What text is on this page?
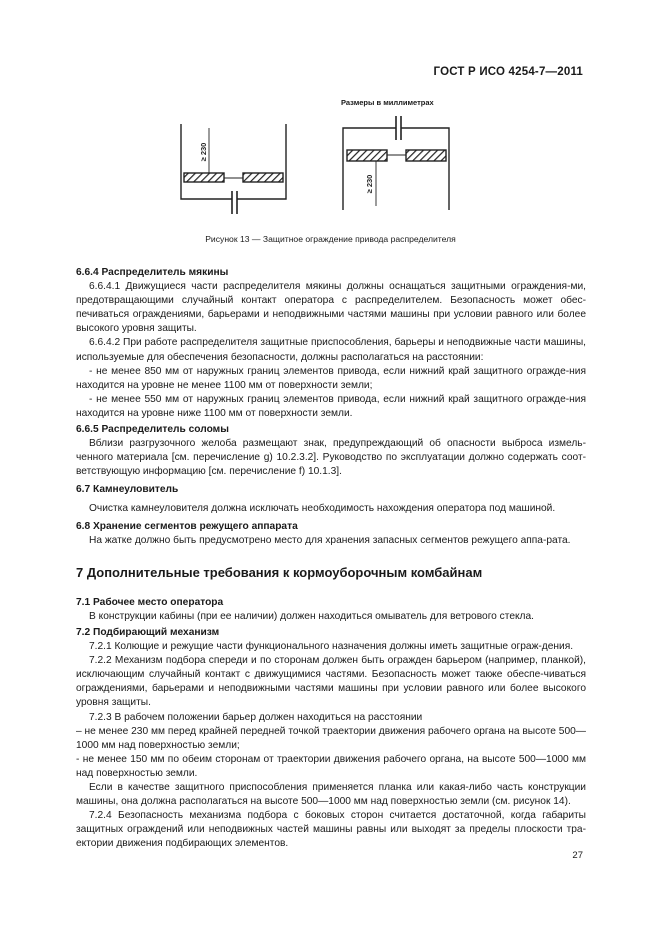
ГОСТ Р ИСО 4254-7—2011
Размеры в миллиметрах
≥ 230
≥ 230
Рисунок 13 — Защитное ограждение привода распределителя

6.6.4 Распределитель мякины

6.6.4.1 Движущиеся части распределителя мякины должны оснащаться защитными ограждения-ми, предотвращающими случайный контакт оператора с распределителем. Безопасность может обес-печиваться ограждениями, барьерами и неподвижными частями машины при условии равного или более высокого уровня защиты.

6.6.4.2 При работе распределителя защитные приспособления, барьеры и неподвижные части машины, используемые для обеспечения безопасности, должны располагаться на расстоянии:

- не менее 850 мм от наружных границ элементов привода, если нижний край защитного огражде-ния находится на уровне не менее 1100 мм от поверхности земли;

- не менее 550 мм от наружных границ элементов привода, если нижний край защитного огражде-ния находится на уровне ниже 1100 мм от поверхности земли.

6.6.5 Распределитель соломы

Вблизи разгрузочного желоба размещают знак, предупреждающий об опасности выброса измель-ченного материала [см. перечисление g) 10.2.3.2]. Руководство по эксплуатации должно содержать соот-ветствующую информацию [см. перечисление f) 10.1.3].

6.7 Камнеуловитель

Очистка камнеуловителя должна исключать необходимость нахождения оператора под машиной.

6.8 Хранение сегментов режущего аппарата

На жатке должно быть предусмотрено место для хранения запасных сегментов режущего аппа-рата.

7 Дополнительные требования к кормоуборочным комбайнам

7.1 Рабочее место оператора

В конструкции кабины (при ее наличии) должен находиться омыватель для ветрового стекла.

7.2 Подбирающий механизм

7.2.1 Колющие и режущие части функционального назначения должны иметь защитные ограж-дения.

7.2.2 Механизм подбора спереди и по сторонам должен быть огражден барьером (например, планкой), исключающим случайный контакт с движущимися частями. Безопасность может также обеспе-чиваться ограждениями, барьерами и неподвижными частями машины при условии равного или более высокого уровня защиты.

7.2.3 В рабочем положении барьер должен находиться на расстоянии

– не менее 230 мм перед крайней передней точкой траектории движения рабочего органа на высоте 500—1000 мм над поверхностью земли;

- не менее 150 мм по обеим сторонам от траектории движения рабочего органа, на высоте 500—1000 мм над поверхностью земли.

Если в качестве защитного приспособления применяется планка или какая-либо часть конструкции машины, она должна располагаться на высоте 500—1000 мм над поверхностью земли (см. рисунок 14).

7.2.4 Безопасность механизма подбора с боковых сторон считается достаточной, когда габариты защитных ограждений или неподвижных частей машины равны или выходят за пределы плоскости тра-ектории движения подбирающих элементов.

27
